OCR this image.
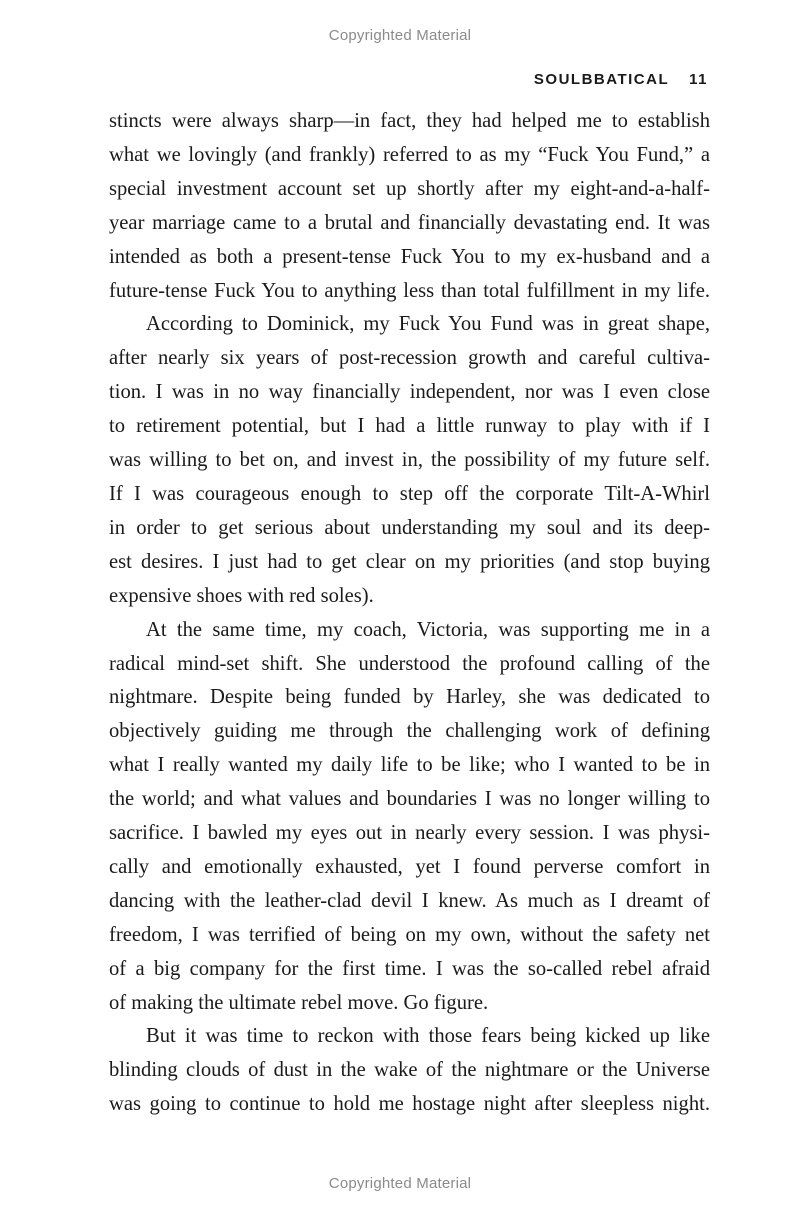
Copyrighted Material
SOULBBATICAL 11
stincts were always sharp—in fact, they had helped me to establish
what we lovingly (and frankly) referred to as my “Fuck You Fund,” a
special investment account set up shortly after my eight-and-a-half-
year marriage came to a brutal and financially devastating end. It was
intended as both a present-tense Fuck You to my ex-husband and a
future-tense Fuck You to anything less than total fulfillment in my life.
According to Dominick, my Fuck You Fund was in great shape,
after nearly six years of post-recession growth and careful cultiva-
tion. I was in no way financially independent, nor was I even close
to retirement potential, but I had a little runway to play with if I
was willing to bet on, and invest in, the possibility of my future self.
If I was courageous enough to step off the corporate Tilt-A-Whirl
in order to get serious about understanding my soul and its deep-
est desires. I just had to get clear on my priorities (and stop buying
expensive shoes with red soles).
At the same time, my coach, Victoria, was supporting me in a
radical mind-set shift. She understood the profound calling of the
nightmare. Despite being funded by Harley, she was dedicated to
objectively guiding me through the challenging work of defining
what I really wanted my daily life to be like; who I wanted to be in
the world; and what values and boundaries I was no longer willing to
sacrifice. I bawled my eyes out in nearly every session. I was physi-
cally and emotionally exhausted, yet I found perverse comfort in
dancing with the leather-clad devil I knew. As much as I dreamt of
freedom, I was terrified of being on my own, without the safety net
of a big company for the first time. I was the so-called rebel afraid
of making the ultimate rebel move. Go figure.
But it was time to reckon with those fears being kicked up like
blinding clouds of dust in the wake of the nightmare or the Universe
was going to continue to hold me hostage night after sleepless night.
Copyrighted Material
